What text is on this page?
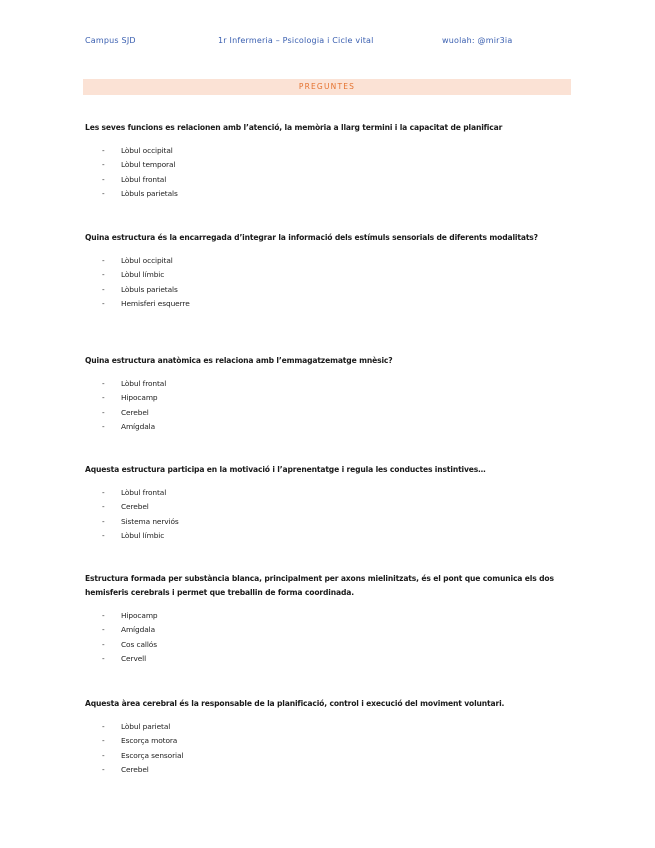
Campus SJD	1r Infermeria – Psicologia i Cicle vital	wuolah: @mir3ia
PREGUNTES

Les seves funcions es relacionen amb l’atenció, la memòria a llarg termini i la capacitat de planificar

- Lòbul occipital
- Lòbul temporal
- Lòbul frontal
- Lòbuls parietals

Quina estructura és la encarregada d’integrar la informació dels estímuls sensorials de diferents modalitats?

- Lòbul occipital
- Lòbul límbic
- Lòbuls parietals
- Hemisferi esquerre

Quina estructura anatòmica es relaciona amb l’emmagatzematge mnèsic?

- Lòbul frontal
- Hipocamp
- Cerebel
- Amígdala

Aquesta estructura participa en la motivació i l’aprenentatge i regula les conductes instintives…

- Lòbul frontal
- Cerebel
- Sistema nerviós
- Lòbul límbic

Estructura formada per substància blanca, principalment per axons mielinitzats, és el pont que comunica els dos hemisferis cerebrals i permet que treballin de forma coordinada.

- Hipocamp
- Amígdala
- Cos callós
- Cervell

Aquesta àrea cerebral és la responsable de la planificació, control i execució del moviment voluntari.

- Lòbul parietal
- Escorça motora
- Escorça sensorial
- Cerebel
